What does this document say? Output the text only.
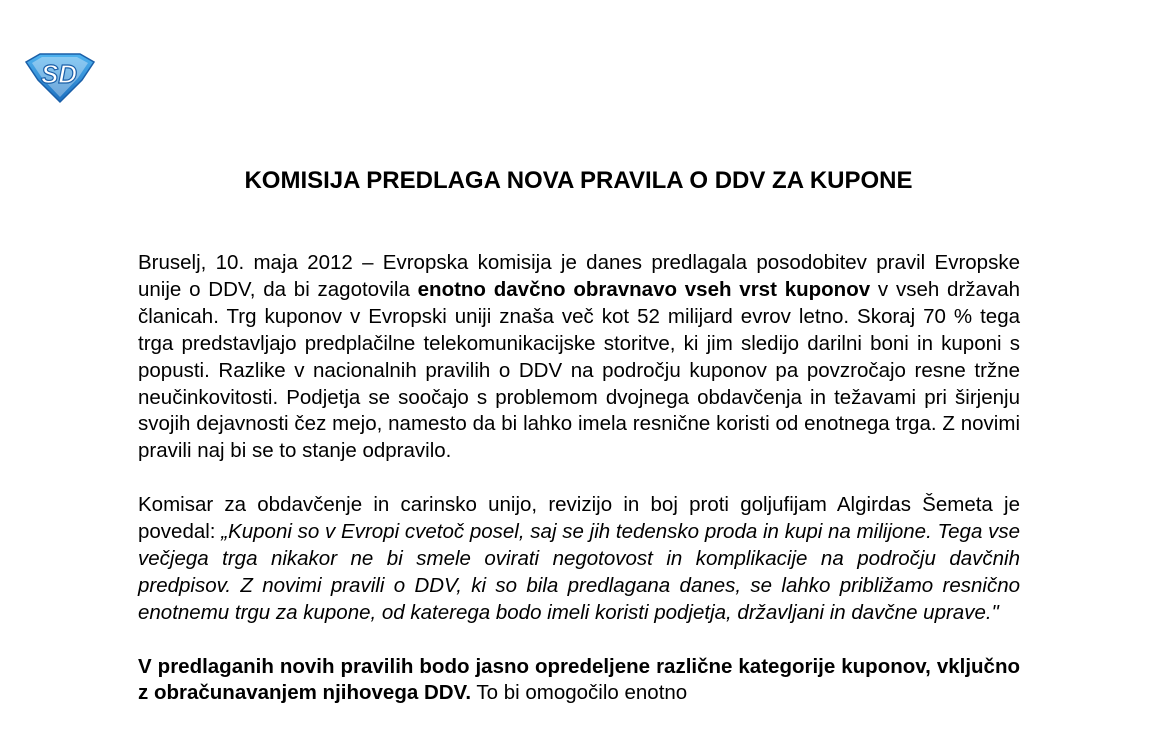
SD
KOMISIJA PREDLAGA NOVA PRAVILA O DDV ZA KUPONE

Bruselj, 10. maja 2012 – Evropska komisija je danes predlagala posodobitev pravil Evropske unije o DDV, da bi zagotovila enotno davčno obravnavo vseh vrst kuponov v vseh državah članicah. Trg kuponov v Evropski uniji znaša več kot 52 milijard evrov letno. Skoraj 70 % tega trga predstavljajo predplačilne telekomunikacijske storitve, ki jim sledijo darilni boni in kuponi s popusti. Razlike v nacionalnih pravilih o DDV na področju kuponov pa povzročajo resne tržne neučinkovitosti. Podjetja se soočajo s problemom dvojnega obdavčenja in težavami pri širjenju svojih dejavnosti čez mejo, namesto da bi lahko imela resnične koristi od enotnega trga. Z novimi pravili naj bi se to stanje odpravilo.

Komisar za obdavčenje in carinsko unijo, revizijo in boj proti goljufijam Algirdas Šemeta je povedal: „Kuponi so v Evropi cvetoč posel, saj se jih tedensko proda in kupi na milijone. Tega vse večjega trga nikakor ne bi smele ovirati negotovost in komplikacije na področju davčnih predpisov. Z novimi pravili o DDV, ki so bila predlagana danes, se lahko približamo resnično enotnemu trgu za kupone, od katerega bodo imeli koristi podjetja, državljani in davčne uprave."

V predlaganih novih pravilih bodo jasno opredeljene različne kategorije kuponov, vključno z obračunavanjem njihovega DDV. To bi omogočilo enotno
